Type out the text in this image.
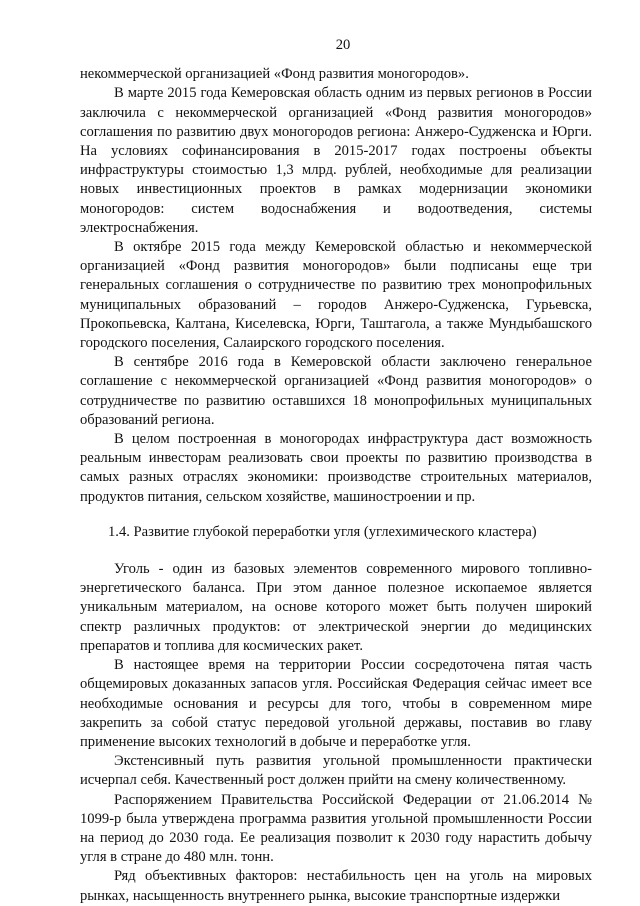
20

некоммерческой организацией «Фонд развития моногородов».

В марте 2015 года Кемеровская область одним из первых регионов в России заключила с некоммерческой организацией «Фонд развития моногородов» соглашения по развитию двух моногородов региона: Анжеро-Судженска и Юрги. На условиях софинансирования в 2015-2017 годах построены объекты инфраструктуры стоимостью 1,3 млрд. рублей, необходимые для реализации новых инвестиционных проектов в рамках модернизации экономики моногородов: систем водоснабжения и водоотведения, системы электроснабжения.

В октябре 2015 года между Кемеровской областью и некоммерческой организацией «Фонд развития моногородов» были подписаны еще три генеральных соглашения о сотрудничестве по развитию трех монопрофильных муниципальных образований – городов Анжеро-Судженска, Гурьевска, Прокопьевска, Калтана, Киселевска, Юрги, Таштагола, а также Мундыбашского городского поселения, Салаирского городского поселения.

В сентябре 2016 года в Кемеровской области заключено генеральное соглашение с некоммерческой организацией «Фонд развития моногородов» о сотрудничестве по развитию оставшихся 18 монопрофильных муниципальных образований региона.

В целом построенная в моногородах инфраструктура даст возможность реальным инвесторам реализовать свои проекты по развитию производства в самых разных отраслях экономики: производстве строительных материалов, продуктов питания, сельском хозяйстве, машиностроении и пр.

1.4. Развитие глубокой переработки угля (углехимического кластера)

Уголь - один из базовых элементов современного мирового топливно-энергетического баланса. При этом данное полезное ископаемое является уникальным материалом, на основе которого может быть получен широкий спектр различных продуктов: от электрической энергии до медицинских препаратов и топлива для космических ракет.

В настоящее время на территории России сосредоточена пятая часть общемировых доказанных запасов угля. Российская Федерация сейчас имеет все необходимые основания и ресурсы для того, чтобы в современном мире закрепить за собой статус передовой угольной державы, поставив во главу применение высоких технологий в добыче и переработке угля.

Экстенсивный путь развития угольной промышленности практически исчерпал себя. Качественный рост должен прийти на смену количественному.

Распоряжением Правительства Российской Федерации от 21.06.2014 № 1099-р была утверждена программа развития угольной промышленности России на период до 2030 года. Ее реализация позволит к 2030 году нарастить добычу угля в стране до 480 млн. тонн.

Ряд объективных факторов: нестабильность цен на уголь на мировых рынках, насыщенность внутреннего рынка, высокие транспортные издержки
